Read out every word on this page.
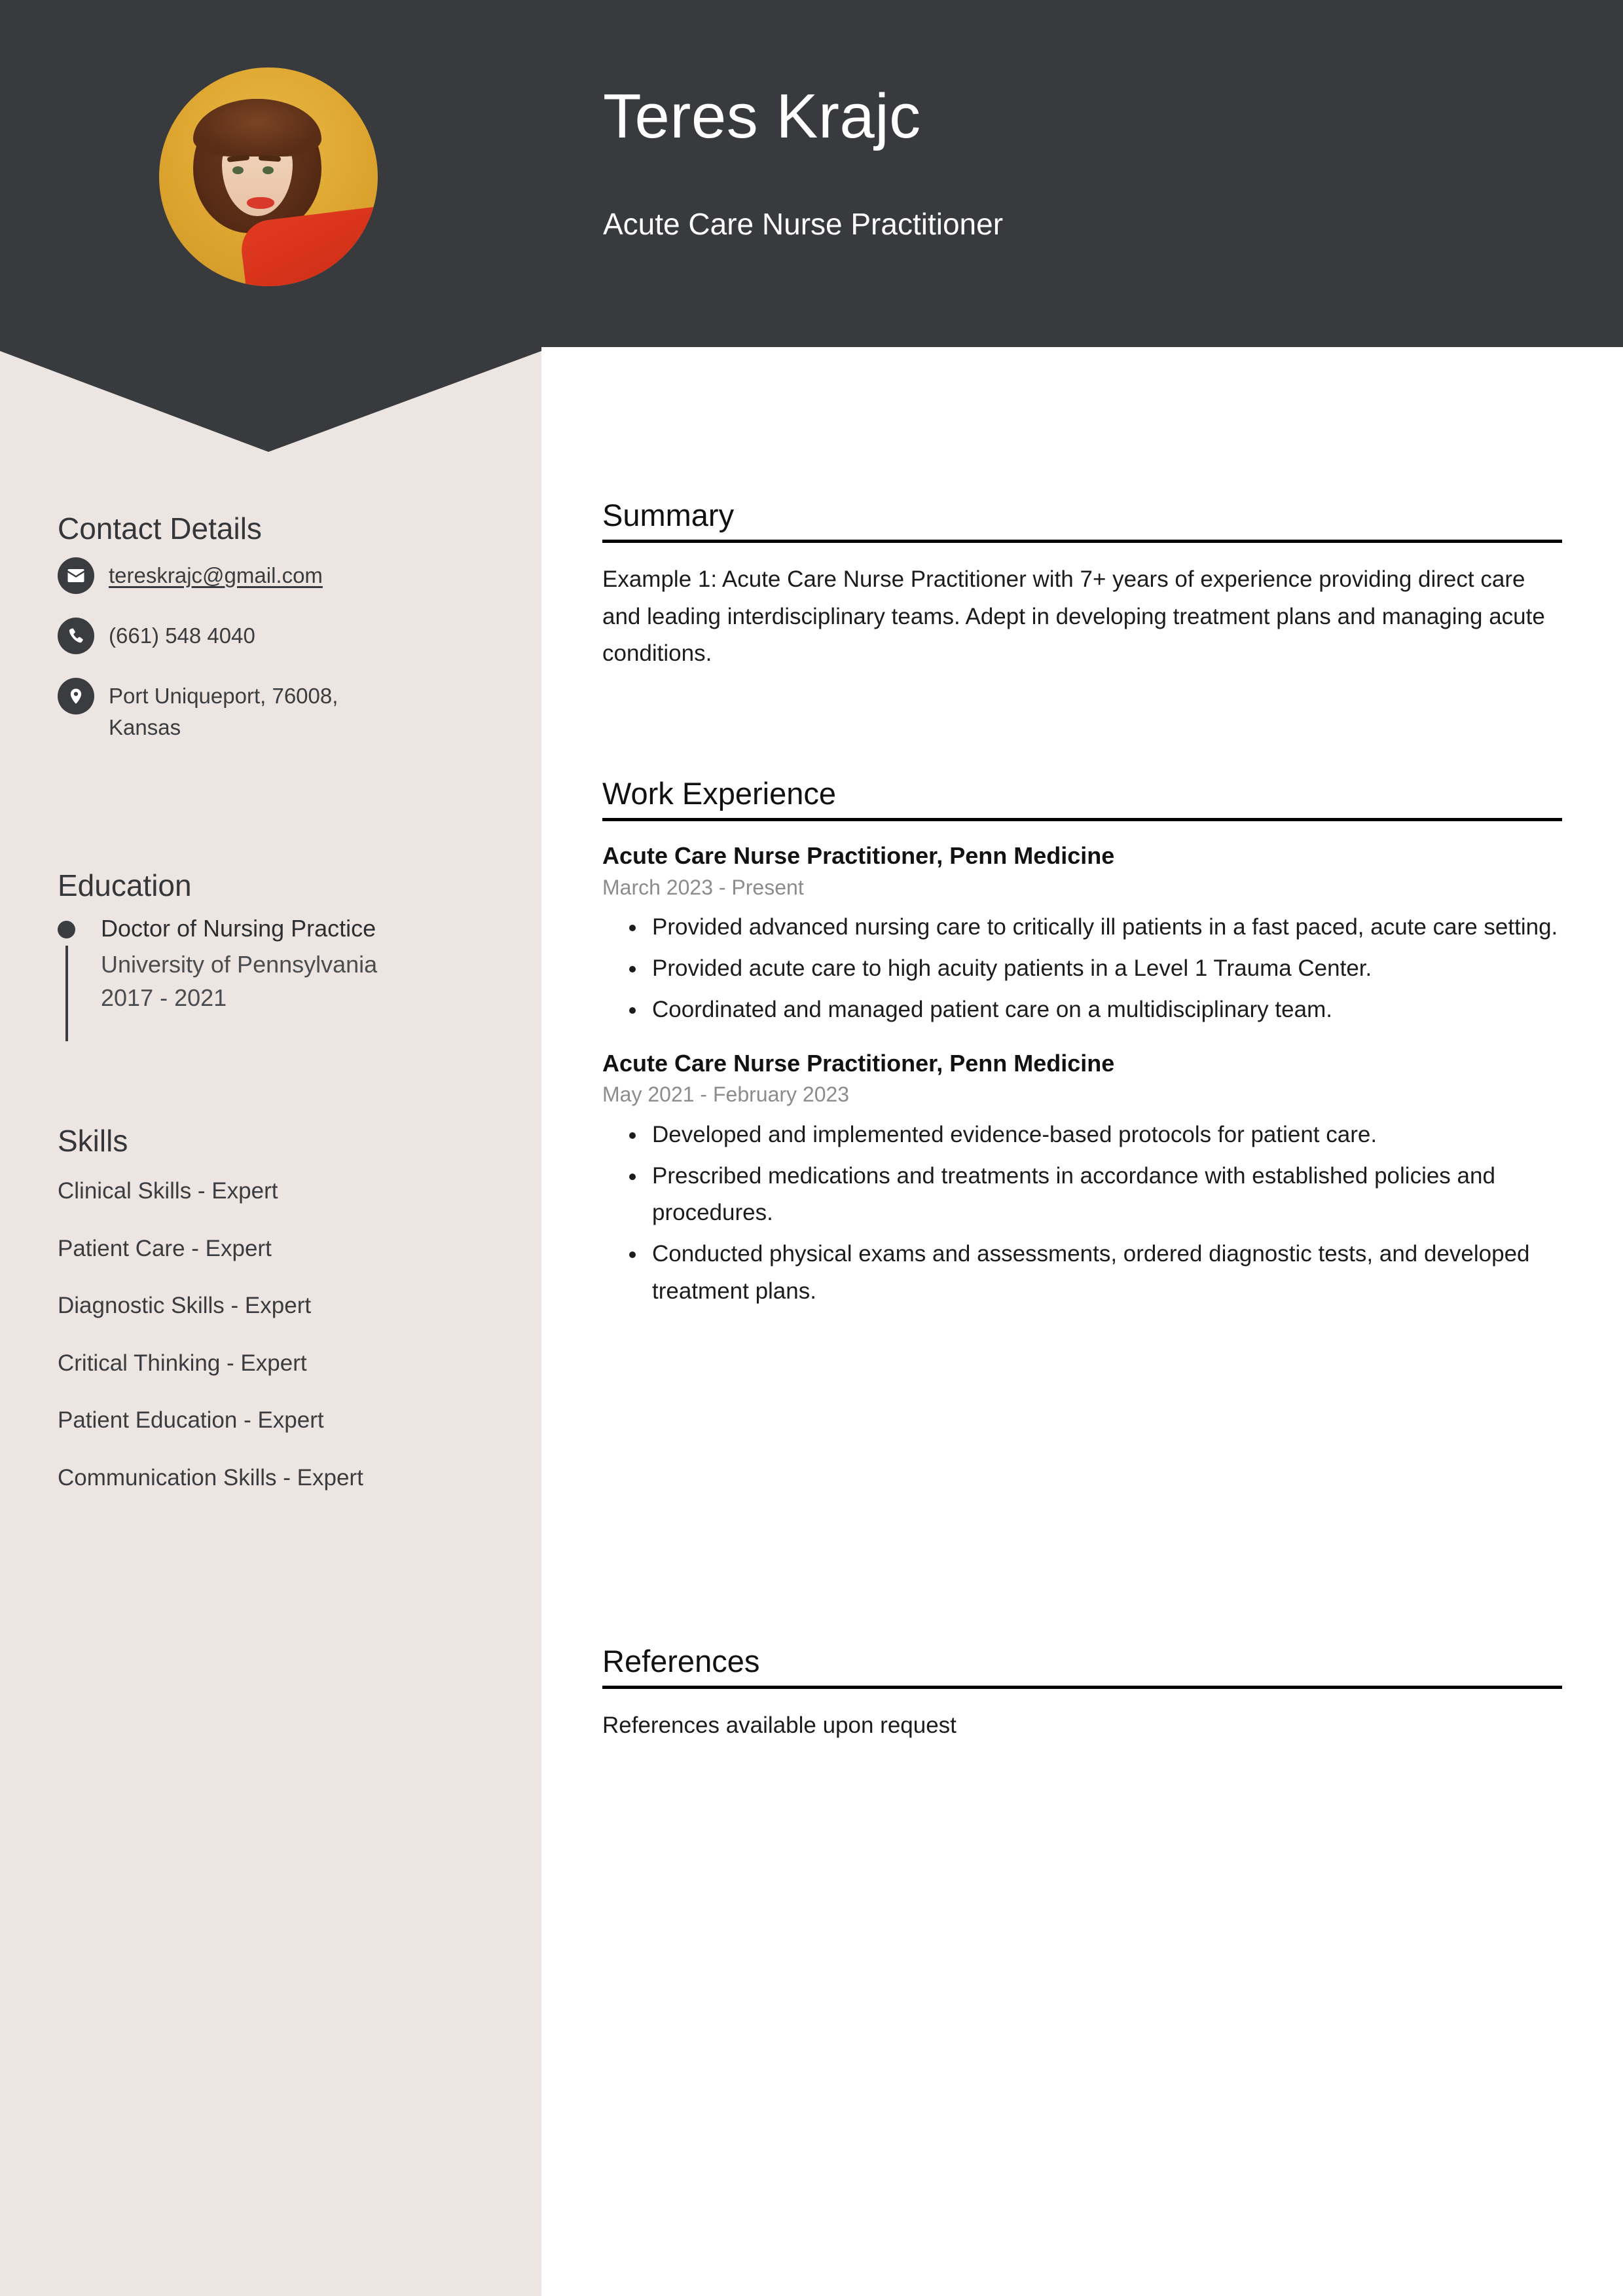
Teres Krajc
Acute Care Nurse Practitioner
Contact Details
tereskrajc@gmail.com
(661) 548 4040
Port Uniqueport, 76008, Kansas
Education

Doctor of Nursing Practice

University of Pennsylvania

2017 - 2021

Skills
Clinical Skills - Expert
Patient Care - Expert
Diagnostic Skills - Expert
Critical Thinking - Expert
Patient Education - Expert
Communication Skills - Expert
Summary

Example 1: Acute Care Nurse Practitioner with 7+ years of experience providing direct care and leading interdisciplinary teams. Adept in developing treatment plans and managing acute conditions.

Work Experience

Acute Care Nurse Practitioner, Penn Medicine

March 2023 - Present

• Provided advanced nursing care to critically ill patients in a fast paced, acute care setting.
• Provided acute care to high acuity patients in a Level 1 Trauma Center.
• Coordinated and managed patient care on a multidisciplinary team.

Acute Care Nurse Practitioner, Penn Medicine

May 2021 - February 2023

• Developed and implemented evidence-based protocols for patient care.
• Prescribed medications and treatments in accordance with established policies and procedures.
• Conducted physical exams and assessments, ordered diagnostic tests, and developed treatment plans.
References

References available upon request
